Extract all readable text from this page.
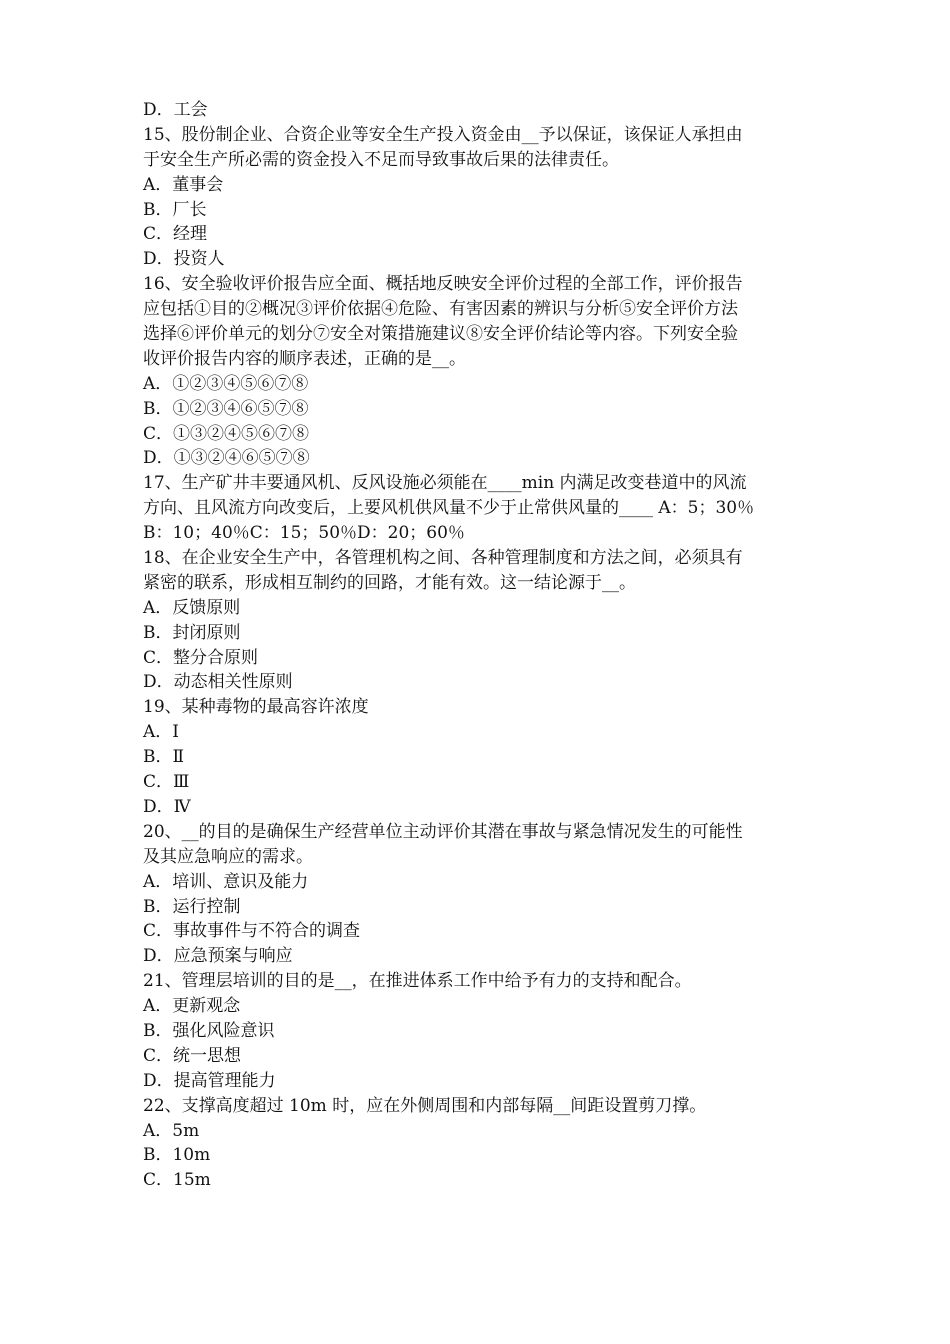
D．工会
15、股份制企业、合资企业等安全生产投入资金由__予以保证，该保证人承担由
于安全生产所必需的资金投入不足而导致事故后果的法律责任。
A．董事会
B．厂长
C．经理
D．投资人
16、安全验收评价报告应全面、概括地反映安全评价过程的全部工作，评价报告
应包括①目的②概况③评价依据④危险、有害因素的辨识与分析⑤安全评价方法
选择⑥评价单元的划分⑦安全对策措施建议⑧安全评价结论等内容。下列安全验
收评价报告内容的顺序表述，正确的是__。
A．①②③④⑤⑥⑦⑧
B．①②③④⑥⑤⑦⑧
C．①③②④⑤⑥⑦⑧
D．①③②④⑥⑤⑦⑧
17、生产矿井丰要通风机、反风设施必须能在____min 内满足改变巷道中的风流
方向、且风流方向改变后，上要风机供风量不少于止常供风量的____ A：5；30％
B：10；40％C：15；50％D：20；60％
18、在企业安全生产中，各管理机构之间、各种管理制度和方法之间，必须具有
紧密的联系，形成相互制约的回路，才能有效。这一结论源于__。
A．反馈原则
B．封闭原则
C．整分合原则
D．动态相关性原则
19、某种毒物的最高容许浓度
A．Ⅰ
B．Ⅱ
C．Ⅲ
D．Ⅳ
20、__的目的是确保生产经营单位主动评价其潜在事故与紧急情况发生的可能性
及其应急响应的需求。
A．培训、意识及能力
B．运行控制
C．事故事件与不符合的调查
D．应急预案与响应
21、管理层培训的目的是__，在推进体系工作中给予有力的支持和配合。
A．更新观念
B．强化风险意识
C．统一思想
D．提高管理能力
22、支撑高度超过 10m 时，应在外侧周围和内部每隔__间距设置剪刀撑。
A．5m
B．10m
C．15m
